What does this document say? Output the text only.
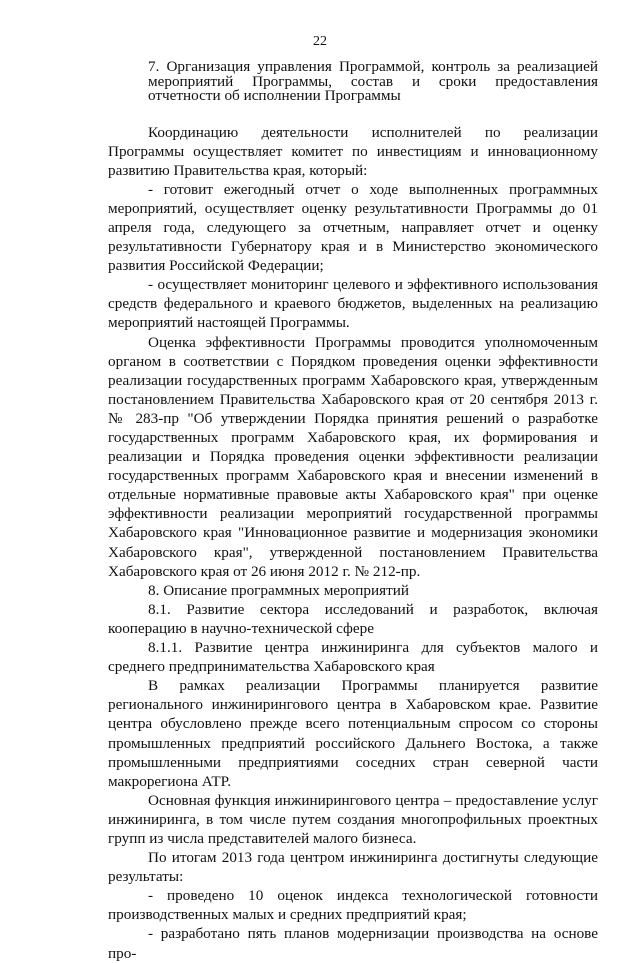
22
7. Организация управления Программой, контроль за реализацией мероприятий Программы, состав и сроки предоставления отчетности об исполнении Программы

Координацию деятельности исполнителей по реализации Программы осуществляет комитет по инвестициям и инновационному развитию Правительства края, который:

- готовит ежегодный отчет о ходе выполненных программных мероприятий, осуществляет оценку результативности Программы до 01 апреля года, следующего за отчетным, направляет отчет и оценку результативности Губернатору края и в Министерство экономического развития Российской Федерации;

- осуществляет мониторинг целевого и эффективного использования средств федерального и краевого бюджетов, выделенных на реализацию мероприятий настоящей Программы.

Оценка эффективности Программы проводится уполномоченным органом в соответствии с Порядком проведения оценки эффективности реализации государственных программ Хабаровского края, утвержденным постановлением Правительства Хабаровского края от 20 сентября 2013 г. № 283-пр "Об утверждении Порядка принятия решений о разработке государственных программ Хабаровского края, их формирования и реализации и Порядка проведения оценки эффективности реализации государственных программ Хабаровского края и внесении изменений в отдельные нормативные правовые акты Хабаровского края" при оценке эффективности реализации мероприятий государственной программы Хабаровского края "Инновационное развитие и модернизация экономики Хабаровского края", утвержденной постановлением Правительства Хабаровского края от 26 июня 2012 г. № 212-пр.

8. Описание программных мероприятий

8.1. Развитие сектора исследований и разработок, включая кооперацию в научно-технической сфере

8.1.1. Развитие центра инжиниринга для субъектов малого и среднего предпринимательства Хабаровского края

В рамках реализации Программы планируется развитие регионального инжинирингового центра в Хабаровском крае. Развитие центра обусловлено прежде всего потенциальным спросом со стороны промышленных предприятий российского Дальнего Востока, а также промышленными предприятиями соседних стран северной части макрорегиона АТР.

Основная функция инжинирингового центра – предоставление услуг инжиниринга, в том числе путем создания многопрофильных проектных групп из числа представителей малого бизнеса.

По итогам 2013 года центром инжиниринга достигнуты следующие результаты:

- проведено 10 оценок индекса технологической готовности производственных малых и средних предприятий края;

- разработано пять планов модернизации производства на основе про-
